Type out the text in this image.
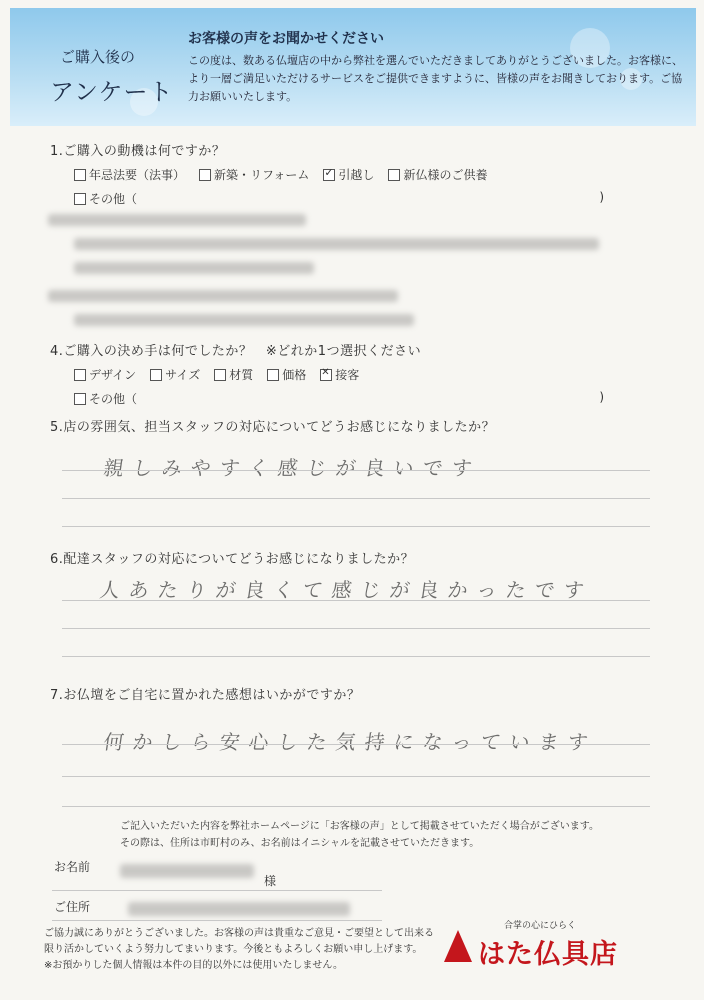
ご購入後の
アンケート
お客様の声をお聞かせください
この度は、数ある仏壇店の中から弊社を選んでいただきましてありがとうございました。お客様に、より一層ご満足いただけるサービスをご提供できますように、皆様の声をお聞きしております。ご協力お願いいたします。
1.ご購入の動機は何ですか？
年忌法要（法事） 新築・リフォーム ✓ 引越し 新仏様のご供養
その他（	)
4.ご購入の決め手は何でしたか？　※どれか1つ選択ください
デザイン サイズ 材質 価格 ✕ 接客
その他（	)
5.店の雰囲気、担当スタッフの対応についてどうお感じになりましたか？
親しみやすく感じが良いです
6.配達スタッフの対応についてどうお感じになりましたか？
人あたりが良くて感じが良かったです
7.お仏壇をご自宅に置かれた感想はいかがですか？
何かしら安心した気持になっています
ご記入いただいた内容を弊社ホームページに「お客様の声」として掲載させていただく場合がございます。
その際は、住所は市町村のみ、お名前はイニシャルを記載させていただきます。
お名前
様
ご住所
ご協力誠にありがとうございました。お客様の声は貴重なご意見・ご要望として出来る
限り活かしていくよう努力してまいります。今後ともよろしくお願い申し上げます。
※お預かりした個人情報は本件の目的以外には使用いたしません。
合掌の心にひらく
はた仏具店
